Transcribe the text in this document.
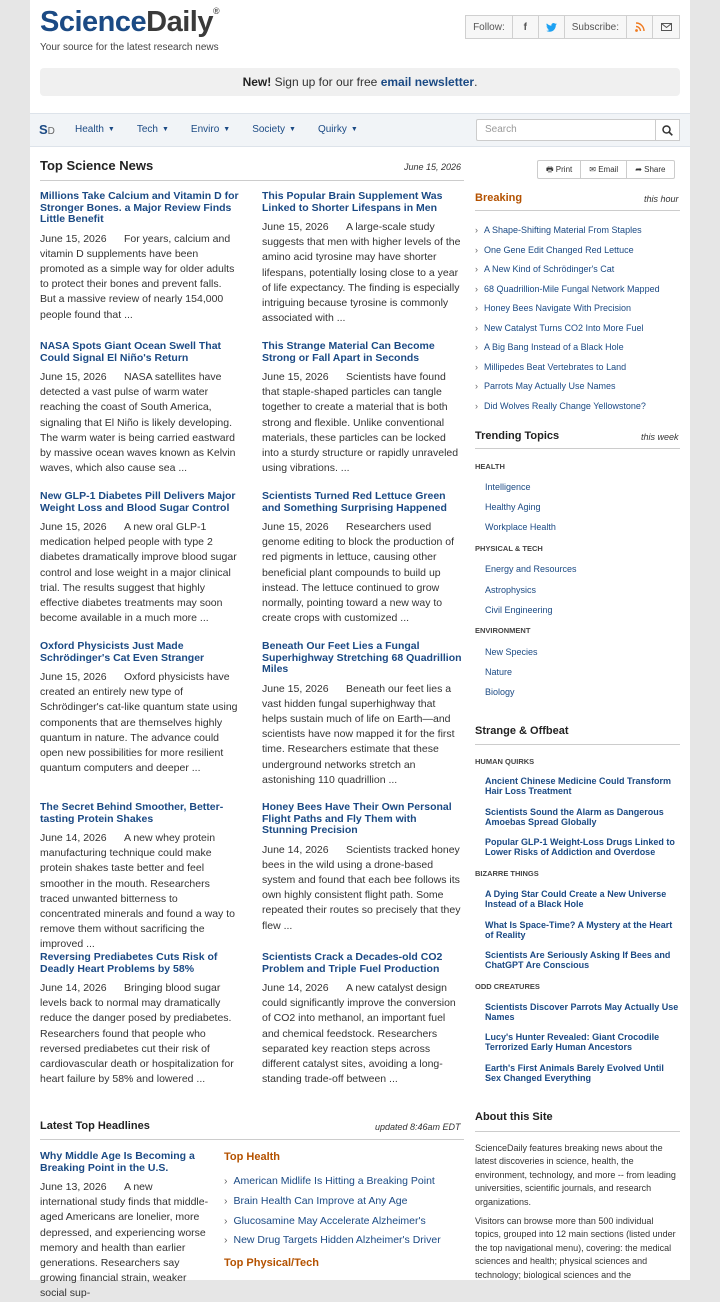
ScienceDaily®
Your source for the latest research news
Follow:	f	Subscribe:
New! Sign up for our free email newsletter.
SD Health ▼ Tech ▼ Enviro ▼ Society ▼ Quirky ▼	Search
Top Science News	June 15, 2026
Millions Take Calcium and Vitamin D for Stronger Bones. a Major Review Finds Little Benefit
June 15, 2026 For years, calcium and vitamin D supplements have been promoted as a simple way for older adults to protect their bones and prevent falls. But a massive review of nearly 154,000 people found that ...
This Popular Brain Supplement Was Linked to Shorter Lifespans in Men
June 15, 2026 A large-scale study suggests that men with higher levels of the amino acid tyrosine may have shorter lifespans, potentially losing close to a year of life expectancy. The finding is especially intriguing because tyrosine is commonly associated with ...
NASA Spots Giant Ocean Swell That Could Signal El Niño's Return
June 15, 2026 NASA satellites have detected a vast pulse of warm water reaching the coast of South America, signaling that El Niño is likely developing. The warm water is being carried eastward by massive ocean waves known as Kelvin waves, which also cause sea ...
This Strange Material Can Become Strong or Fall Apart in Seconds
June 15, 2026 Scientists have found that staple-shaped particles can tangle together to create a material that is both strong and flexible. Unlike conventional materials, these particles can be locked into a sturdy structure or rapidly unraveled using vibrations. ...
New GLP-1 Diabetes Pill Delivers Major Weight Loss and Blood Sugar Control
June 15, 2026 A new oral GLP-1 medication helped people with type 2 diabetes dramatically improve blood sugar control and lose weight in a major clinical trial. The results suggest that highly effective diabetes treatments may soon become available in a much more ...
Scientists Turned Red Lettuce Green and Something Surprising Happened
June 15, 2026 Researchers used genome editing to block the production of red pigments in lettuce, causing other beneficial plant compounds to build up instead. The lettuce continued to grow normally, pointing toward a new way to create crops with customized ...
Oxford Physicists Just Made Schrödinger's Cat Even Stranger
June 15, 2026 Oxford physicists have created an entirely new type of Schrödinger's cat-like quantum state using components that are themselves highly quantum in nature. The advance could open new possibilities for more resilient quantum computers and deeper ...
Beneath Our Feet Lies a Fungal Superhighway Stretching 68 Quadrillion Miles
June 15, 2026 Beneath our feet lies a vast hidden fungal superhighway that helps sustain much of life on Earth—and scientists have now mapped it for the first time. Researchers estimate that these underground networks stretch an astonishing 110 quadrillion ...
The Secret Behind Smoother, Better-tasting Protein Shakes
June 14, 2026 A new whey protein manufacturing technique could make protein shakes taste better and feel smoother in the mouth. Researchers traced unwanted bitterness to concentrated minerals and found a way to remove them without sacrificing the improved ...
Honey Bees Have Their Own Personal Flight Paths and Fly Them with Stunning Precision
June 14, 2026 Scientists tracked honey bees in the wild using a drone-based system and found that each bee follows its own highly consistent flight path. Some repeated their routes so precisely that they flew ...
Reversing Prediabetes Cuts Risk of Deadly Heart Problems by 58%
June 14, 2026 Bringing blood sugar levels back to normal may dramatically reduce the danger posed by prediabetes. Researchers found that people who reversed prediabetes cut their risk of cardiovascular death or hospitalization for heart failure by 58% and lowered ...
Scientists Crack a Decades-old CO2 Problem and Triple Fuel Production
June 14, 2026 A new catalyst design could significantly improve the conversion of CO2 into methanol, an important fuel and chemical feedstock. Researchers separated key reaction steps across different catalyst sites, avoiding a long-standing trade-off between ...
🖶 Print	✉ Email	➦ Share
Breaking	this hour
› A Shape-Shifting Material From Staples
› One Gene Edit Changed Red Lettuce
› A New Kind of Schrödinger's Cat
› 68 Quadrillion-Mile Fungal Network Mapped
› Honey Bees Navigate With Precision
› New Catalyst Turns CO2 Into More Fuel
› A Big Bang Instead of a Black Hole
› Millipedes Beat Vertebrates to Land
› Parrots May Actually Use Names
› Did Wolves Really Change Yellowstone?
Trending Topics	this week
HEALTH
Intelligence
Healthy Aging
Workplace Health
PHYSICAL & TECH
Energy and Resources
Astrophysics
Civil Engineering
ENVIRONMENT
New Species
Nature
Biology
Strange & Offbeat
HUMAN QUIRKS
Ancient Chinese Medicine Could Transform Hair Loss Treatment
Scientists Sound the Alarm as Dangerous Amoebas Spread Globally
Popular GLP-1 Weight-Loss Drugs Linked to Lower Risks of Addiction and Overdose
BIZARRE THINGS
A Dying Star Could Create a New Universe Instead of a Black Hole
What Is Space-Time? A Mystery at the Heart of Reality
Scientists Are Seriously Asking If Bees and ChatGPT Are Conscious
ODD CREATURES
Scientists Discover Parrots May Actually Use Names
Lucy's Hunter Revealed: Giant Crocodile Terrorized Early Human Ancestors
Earth's First Animals Barely Evolved Until Sex Changed Everything
About this Site
ScienceDaily features breaking news about the latest discoveries in science, health, the environment, technology, and more -- from leading universities, scientific journals, and research organizations.
Visitors can browse more than 500 individual topics, grouped into 12 main sections (listed under the top navigational menu), covering: the medical sciences and health; physical sciences and technology; biological sciences and the
Latest Top Headlines	updated 8:46am EDT
Why Middle Age Is Becoming a Breaking Point in the U.S.
June 13, 2026 A new international study finds that middle-aged Americans are lonelier, more depressed, and experiencing worse memory and health than earlier generations. Researchers say growing financial strain, weaker social sup-
Top Health
› American Midlife Is Hitting a Breaking Point
› Brain Health Can Improve at Any Age
› Glucosamine May Accelerate Alzheimer's
› New Drug Targets Hidden Alzheimer's Driver
Top Physical/Tech
